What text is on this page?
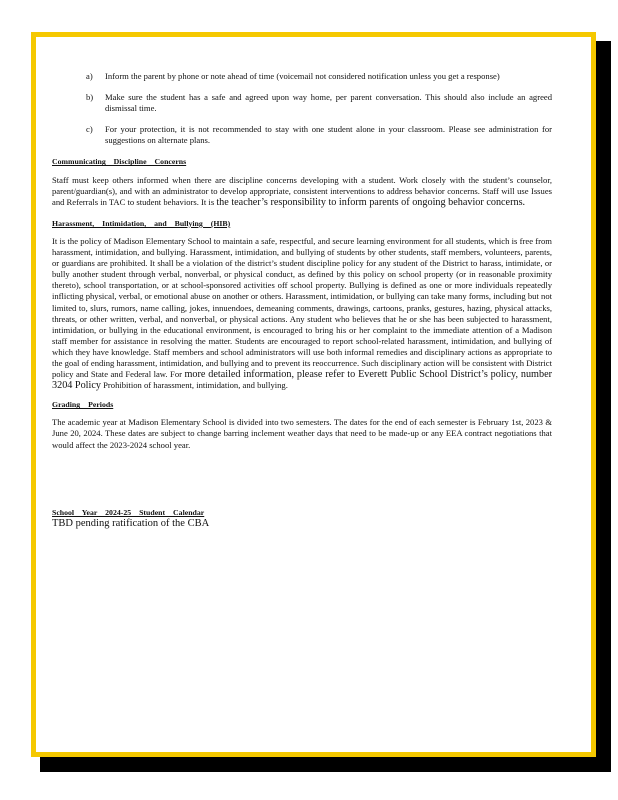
a)	Inform the parent by phone or note ahead of time (voicemail not considered notification unless you get a response)
b)	Make sure the student has a safe and agreed upon way home, per parent conversation. This should also include an agreed dismissal time.
c)	For your protection, it is not recommended to stay with one student alone in your classroom. Please see administration for suggestions on alternate plans.
Communicating Discipline Concerns
Staff must keep others informed when there are discipline concerns developing with a student. Work closely with the student’s counselor, parent/guardian(s), and with an administrator to develop appropriate, consistent interventions to address behavior concerns. Staff will use Issues and Referrals in TAC to student behaviors. It is the teacher’s responsibility to inform parents of ongoing behavior concerns.
Harassment, Intimidation, and Bullying (HIB)
It is the policy of Madison Elementary School to maintain a safe, respectful, and secure learning environment for all students, which is free from harassment, intimidation, and bullying. Harassment, intimidation, and bullying of students by other students, staff members, volunteers, parents, or guardians are prohibited. It shall be a violation of the district’s student discipline policy for any student of the District to harass, intimidate, or bully another student through verbal, nonverbal, or physical conduct, as defined by this policy on school property (or in reasonable proximity thereto), school transportation, or at school-sponsored activities off school property. Bullying is defined as one or more individuals repeatedly inflicting physical, verbal, or emotional abuse on another or others. Harassment, intimidation, or bullying can take many forms, including but not limited to, slurs, rumors, name calling, jokes, innuendoes, demeaning comments, drawings, cartoons, pranks, gestures, hazing, physical attacks, threats, or other written, verbal, and nonverbal, or physical actions. Any student who believes that he or she has been subjected to harassment, intimidation, or bullying in the educational environment, is encouraged to bring his or her complaint to the immediate attention of a Madison staff member for assistance in resolving the matter. Students are encouraged to report school-related harassment, intimidation, and bullying of which they have knowledge. Staff members and school administrators will use both informal remedies and disciplinary actions as appropriate to the goal of ending harassment, intimidation, and bullying and to prevent its reoccurrence. Such disciplinary action will be consistent with District policy and State and Federal law. For more detailed information, please refer to Everett Public School District’s policy, number 3204 Policy Prohibition of harassment, intimidation, and bullying.
Grading Periods
The academic year at Madison Elementary School is divided into two semesters. The dates for the end of each semester is February 1st, 2023 & June 20, 2024. These dates are subject to change barring inclement weather days that need to be made-up or any EEA contract negotiations that would affect the 2023-2024 school year.
School Year 2024-25 Student Calendar
TBD pending ratification of the CBA
